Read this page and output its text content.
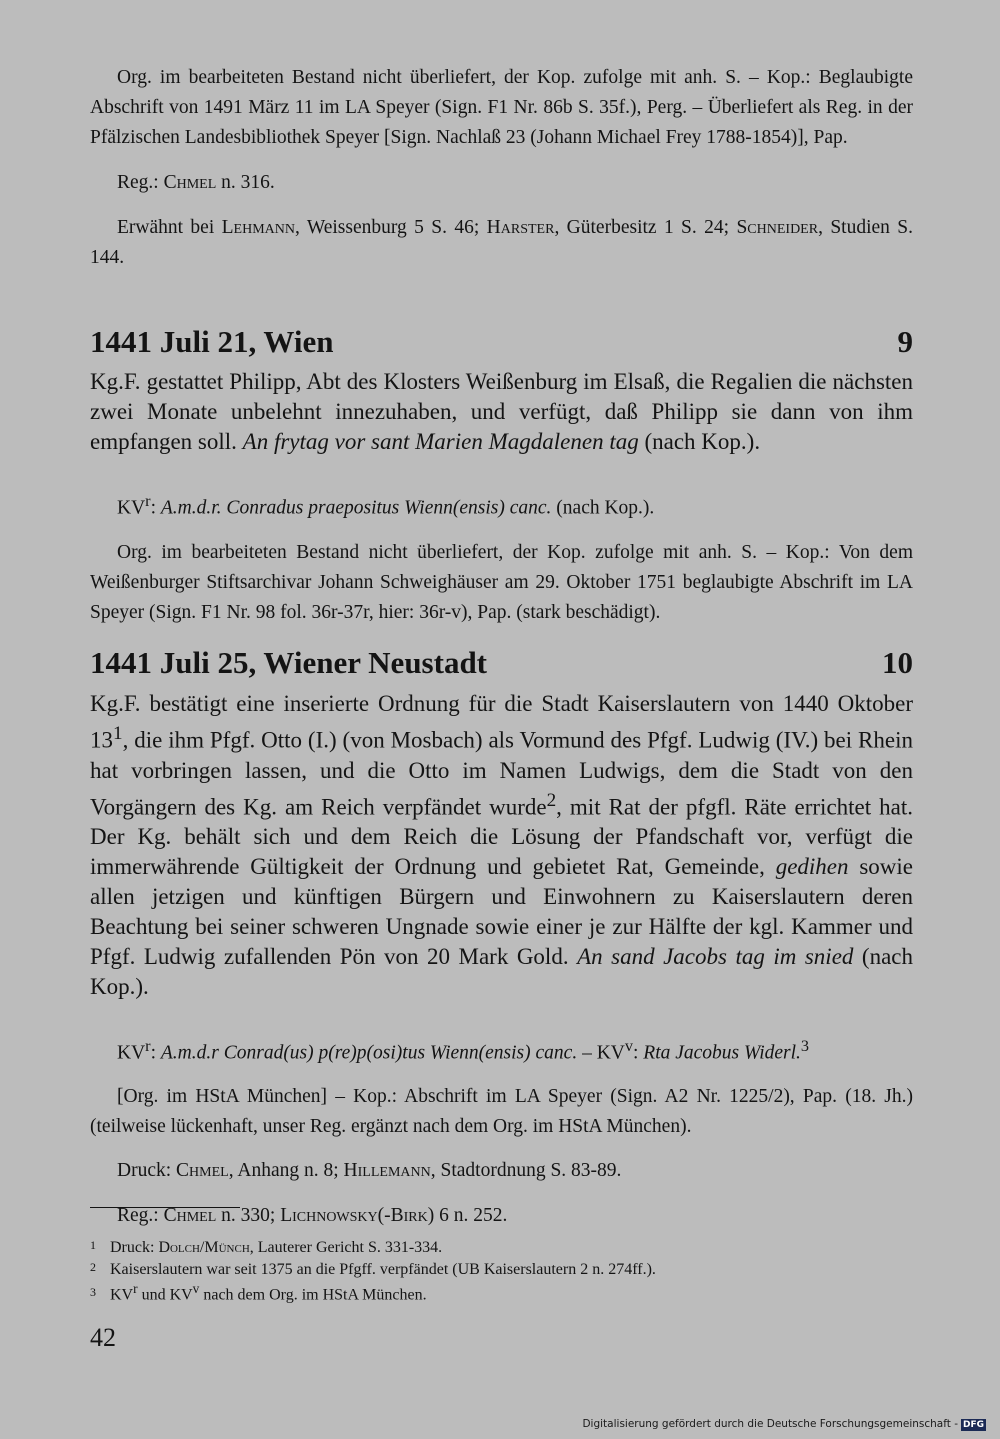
Org. im bearbeiteten Bestand nicht überliefert, der Kop. zufolge mit anh. S. – Kop.: Beglaubigte Abschrift von 1491 März 11 im LA Speyer (Sign. F1 Nr. 86b S. 35f.), Perg. – Überliefert als Reg. in der Pfälzischen Landesbibliothek Speyer [Sign. Nachlaß 23 (Johann Michael Frey 1788-1854)], Pap.

Reg.: Chmel n. 316.

Erwähnt bei Lehmann, Weissenburg 5 S. 46; Harster, Güterbesitz 1 S. 24; Schneider, Studien S. 144.

1441 Juli 21, Wien	9

Kg.F. gestattet Philipp, Abt des Klosters Weißenburg im Elsaß, die Regalien die nächsten zwei Monate unbelehnt innezuhaben, und verfügt, daß Philipp sie dann von ihm empfangen soll. An frytag vor sant Marien Magdalenen tag (nach Kop.).

$KV^r$: A.m.d.r. Conradus praepositus Wienn(ensis) canc. (nach Kop.).

Org. im bearbeiteten Bestand nicht überliefert, der Kop. zufolge mit anh. S. – Kop.: Von dem Weißenburger Stiftsarchivar Johann Schweighäuser am 29. Oktober 1751 beglaubigte Abschrift im LA Speyer (Sign. F1 Nr. 98 fol. 36r-37r, hier: 36r-v), Pap. (stark beschädigt).

1441 Juli 25, Wiener Neustadt	10

Kg.F. bestätigt eine inserierte Ordnung für die Stadt Kaiserslautern von 1440 Oktober $13^1$, die ihm Pfgf. Otto (I.) (von Mosbach) als Vormund des Pfgf. Ludwig (IV.) bei Rhein hat vorbringen lassen, und die Otto im Namen Ludwigs, dem die Stadt von den Vorgängern des Kg. am Reich verpfändet wurde$^2$, mit Rat der pfgfl. Räte errichtet hat. Der Kg. behält sich und dem Reich die Lösung der Pfandschaft vor, verfügt die immerwährende Gültigkeit der Ordnung und gebietet Rat, Gemeinde, gedihen sowie allen jetzigen und künftigen Bürgern und Einwohnern zu Kaiserslautern deren Beachtung bei seiner schweren Ungnade sowie einer je zur Hälfte der kgl. Kammer und Pfgf. Ludwig zufallenden Pön von 20 Mark Gold. An sand Jacobs tag im snied (nach Kop.).

$KV^r$: A.m.d.r Conrad(us) p(re)p(osi)tus Wienn(ensis) canc. – $KV^v$: Rta Jacobus Widerl.$^3$

[Org. im HStA München] – Kop.: Abschrift im LA Speyer (Sign. A2 Nr. 1225/2), Pap. (18. Jh.) (teilweise lückenhaft, unser Reg. ergänzt nach dem Org. im HStA München).

Druck: Chmel, Anhang n. 8; Hillemann, Stadtordnung S. 83-89.

Reg.: Chmel n. 330; Lichnowsky(-Birk) 6 n. 252.

1 Druck: Dolch/Münch, Lauterer Gericht S. 331-334.

2 Kaiserslautern war seit 1375 an die Pfgff. verpfändet (UB Kaiserslautern 2 n. 274ff.).

3 $KV^r$ und $KV^v$ nach dem Org. im HStA München.

42
Digitalisierung gefördert durch die Deutsche Forschungsgemeinschaft - DFG
